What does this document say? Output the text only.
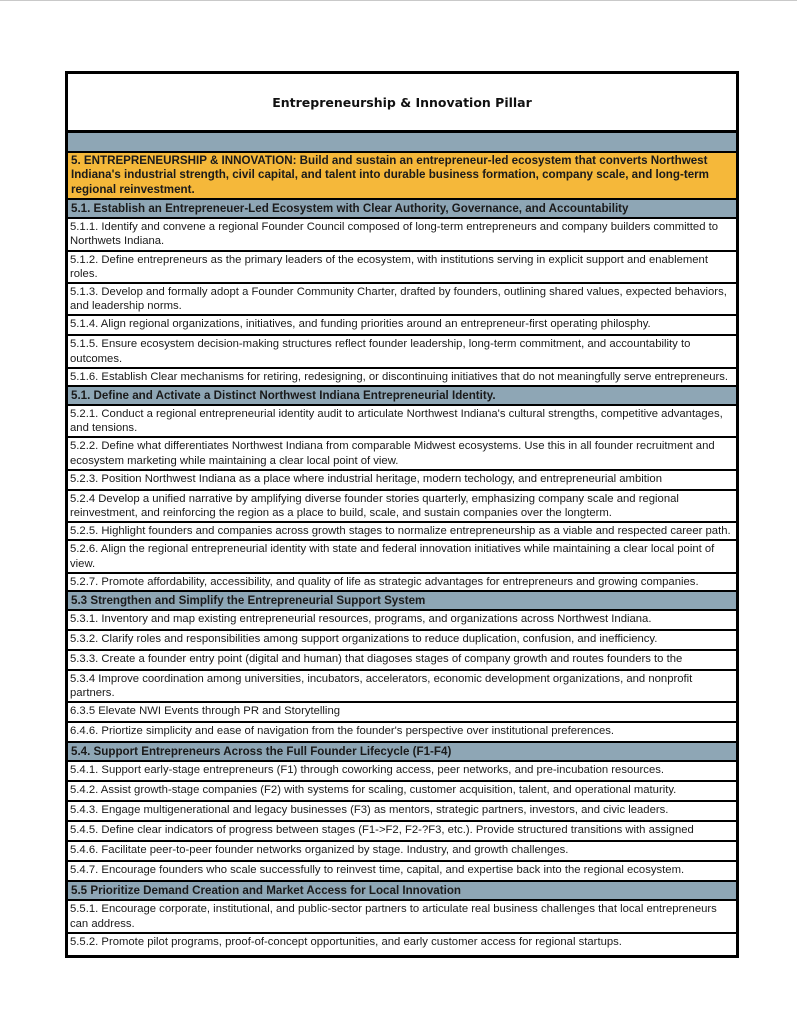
Entrepreneurship & Innovation Pillar
5. ENTREPRENEURSHIP & INNOVATION: Build and sustain an entrepreneur-led ecosystem that converts Northwest Indiana's industrial strength, civil capital, and talent into durable business formation, company scale, and long-term regional reinvestment.
5.1. Establish an Entrepreneuer-Led Ecosystem with Clear Authority, Governance, and Accountability
5.1.1. Identify and convene a regional Founder Council composed of long-term entrepreneurs and company builders committed to Northwets Indiana.
5.1.2. Define entrepreneurs as the primary leaders of the ecosystem, with institutions serving in explicit support and enablement roles.
5.1.3. Develop and formally adopt a Founder Community Charter, drafted by founders, outlining shared values, expected behaviors, and leadership norms.
5.1.4. Align regional organizations, initiatives, and funding priorities around an entrepreneur-first operating philosphy.
5.1.5. Ensure ecosystem decision-making structures reflect founder leadership, long-term commitment, and accountability to outcomes.
5.1.6. Establish Clear mechanisms for retiring, redesigning, or discontinuing initiatives that do not meaningfully serve entrepreneurs.
5.1. Define and Activate a Distinct Northwest Indiana Entrepreneurial Identity.
5.2.1. Conduct a regional entrepreneurial identity audit to articulate Northwest Indiana's cultural strengths, competitive advantages, and tensions.
5.2.2. Define what differentiates Northwest Indiana from comparable Midwest ecosystems. Use this in all founder recruitment and ecosystem marketing while maintaining a clear local point of view.
5.2.3. Position Northwest Indiana as a place where industrial heritage, modern techology, and entrepreneurial ambition
5.2.4 Develop a unified narrative by amplifying diverse founder stories quarterly, emphasizing company scale and regional reinvestment, and reinforcing the region as a place to build, scale, and sustain companies over the longterm.
5.2.5. Highlight founders and companies across growth stages to normalize entrepreneurship as a viable and respected career path.
5.2.6. Align the regional entrepreneurial identity with state and federal innovation initiatives while maintaining a clear local point of view.
5.2.7. Promote affordability, accessibility, and quality of life as strategic advantages for entrepreneurs and growing companies.
5.3 Strengthen and Simplify the Entrepreneurial Support System
5.3.1. Inventory and map existing entrepreneurial resources, programs, and organizations across Northwest Indiana.
5.3.2. Clarify roles and responsibilities among support organizations to reduce duplication, confusion, and inefficiency.
5.3.3. Create a founder entry point (digital and human) that diagoses stages of company growth and routes founders to the
5.3.4 Improve coordination among universities, incubators, accelerators, economic development organizations, and nonprofit partners.
6.3.5 Elevate NWI Events through PR and Storytelling
6.4.6. Priortize simplicity and ease of navigation from the founder's perspective over institutional preferences.
5.4. Support Entrepreneurs Across the Full Founder Lifecycle (F1-F4)
5.4.1. Support early-stage entrepreneurs (F1) through coworking access, peer networks, and pre-incubation resources.
5.4.2. Assist growth-stage companies (F2) with systems for scaling, customer acquisition, talent, and operational maturity.
5.4.3. Engage multigenerational and legacy businesses (F3) as mentors, strategic partners, investors, and civic leaders.
5.4.5. Define clear indicators of progress between stages (F1->F2, F2-?F3, etc.). Provide structured transitions with assigned
5.4.6. Facilitate peer-to-peer founder networks organized by stage. Industry, and growth challenges.
5.4.7. Encourage founders who scale successfully to reinvest time, capital, and expertise back into the regional ecosystem.
5.5 Prioritize Demand Creation and Market Access for Local Innovation
5.5.1. Encourage corporate, institutional, and public-sector partners to articulate real business challenges that local entrepreneurs can address.
5.5.2. Promote pilot programs, proof-of-concept opportunities, and early customer access for regional startups.
